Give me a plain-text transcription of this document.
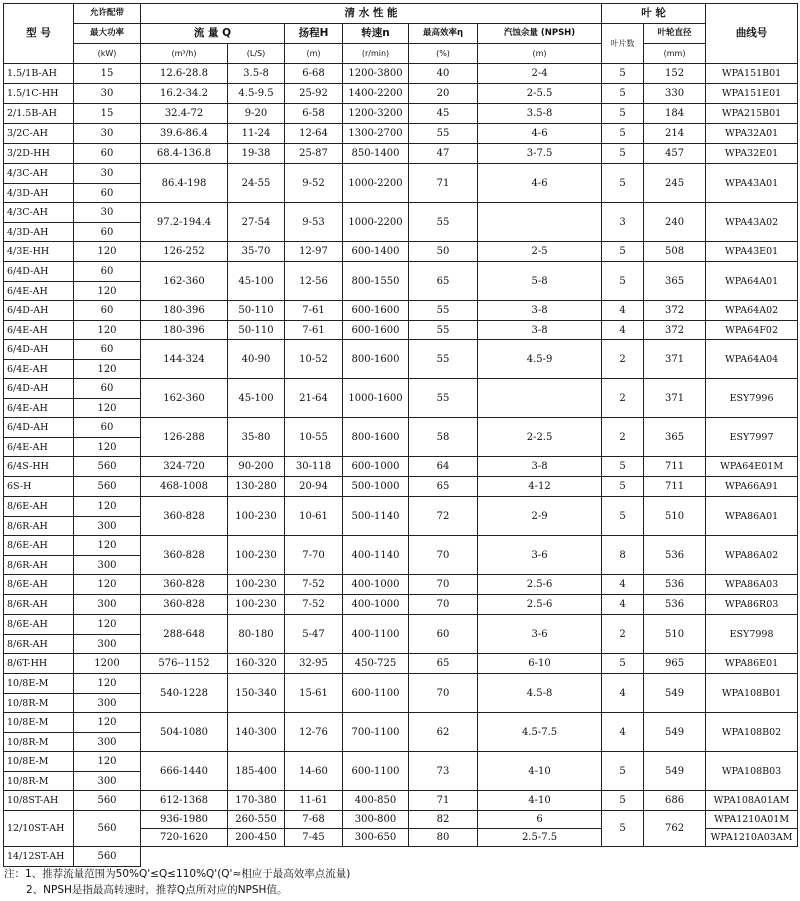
型 号	允许配带	清 水 性 能						叶 轮		曲线号
	最大功率	流 量 Q		扬程H	转速n	最高效率η	汽蚀余量 (NPSH)	叶片数	叶轮直径	
	(kW)	(m³/h)	(L/S)	(m)	(r/min)	(%)	(m)		(mm)	
1.5/1B-AH	15	12.6-28.8	3.5-8	6-68	1200-3800	40	2-4	5	152	WPA151B01
1.5/1C-HH	30	16.2-34.2	4.5-9.5	25-92	1400-2200	20	2-5.5	5	330	WPA151E01
2/1.5B-AH	15	32.4-72	9-20	6-58	1200-3200	45	3.5-8	5	184	WPA215B01
3/2C-AH	30	39.6-86.4	11-24	12-64	1300-2700	55	4-6	5	214	WPA32A01
3/2D-HH	60	68.4-136.8	19-38	25-87	850-1400	47	3-7.5	5	457	WPA32E01
4/3C-AH	30	86.4-198	24-55	9-52	1000-2200	71	4-6	5	245	WPA43A01
4/3D-AH	60									
4/3C-AH	30	97.2-194.4	27-54	9-53	1000-2200	55		3	240	WPA43A02
4/3D-AH	60									
4/3E-HH	120	126-252	35-70	12-97	600-1400	50	2-5	5	508	WPA43E01
6/4D-AH	60	162-360	45-100	12-56	800-1550	65	5-8	5	365	WPA64A01
6/4E-AH	120									
6/4D-AH	60	180-396	50-110	7-61	600-1600	55	3-8	4	372	WPA64A02
6/4E-AH	120	180-396	50-110	7-61	600-1600	55	3-8	4	372	WPA64F02
6/4D-AH	60	144-324	40-90	10-52	800-1600	55	4.5-9	2	371	WPA64A04
6/4E-AH	120									
6/4D-AH	60	162-360	45-100	21-64	1000-1600	55		2	371	ESY7996
6/4E-AH	120									
6/4D-AH	60	126-288	35-80	10-55	800-1600	58	2-2.5	2	365	ESY7997
6/4E-AH	120									
6/4S-HH	560	324-720	90-200	30-118	600-1000	64	3-8	5	711	WPA64E01M
6S-H	560	468-1008	130-280	20-94	500-1000	65	4-12	5	711	WPA66A91
8/6E-AH	120	360-828	100-230	10-61	500-1140	72	2-9	5	510	WPA86A01
8/6R-AH	300									
8/6E-AH	120	360-828	100-230	7-70	400-1140	70	3-6	8	536	WPA86A02
8/6R-AH	300									
8/6E-AH	120	360-828	100-230	7-52	400-1000	70	2.5-6	4	536	WPA86A03
8/6R-AH	300	360-828	100-230	7-52	400-1000	70	2.5-6	4	536	WPA86R03
8/6E-AH	120	288-648	80-180	5-47	400-1100	60	3-6	2	510	ESY7998
8/6R-AH	300									
8/6T-HH	1200	576--1152	160-320	32-95	450-725	65	6-10	5	965	WPA86E01
10/8E-M	120	540-1228	150-340	15-61	600-1100	70	4.5-8	4	549	WPA108B01
10/8R-M	300									
10/8E-M	120	504-1080	140-300	12-76	700-1100	62	4.5-7.5	4	549	WPA108B02
10/8R-M	300									
10/8E-M	120	666-1440	185-400	14-60	600-1100	73	4-10	5	549	WPA108B03
10/8R-M	300									
10/8ST-AH	560	612-1368	170-380	11-61	400-850	71	4-10	5	686	WPA108A01AM
12/10ST-AH	560	936-1980	260-550	7-68	300-800	82	6	5	762	WPA1210A01M
		720-1620	200-450	7-45	300-650	80	2.5-7.5			WPA1210A03AM
14/12ST-AH	560									
注：1、推荐流量范围为50%Q'≤Q≤110%Q'(Q'≈相应于最高效率点流量)
2、NPSH是指最高转速时，推荐Q点所对应的NPSH值。
